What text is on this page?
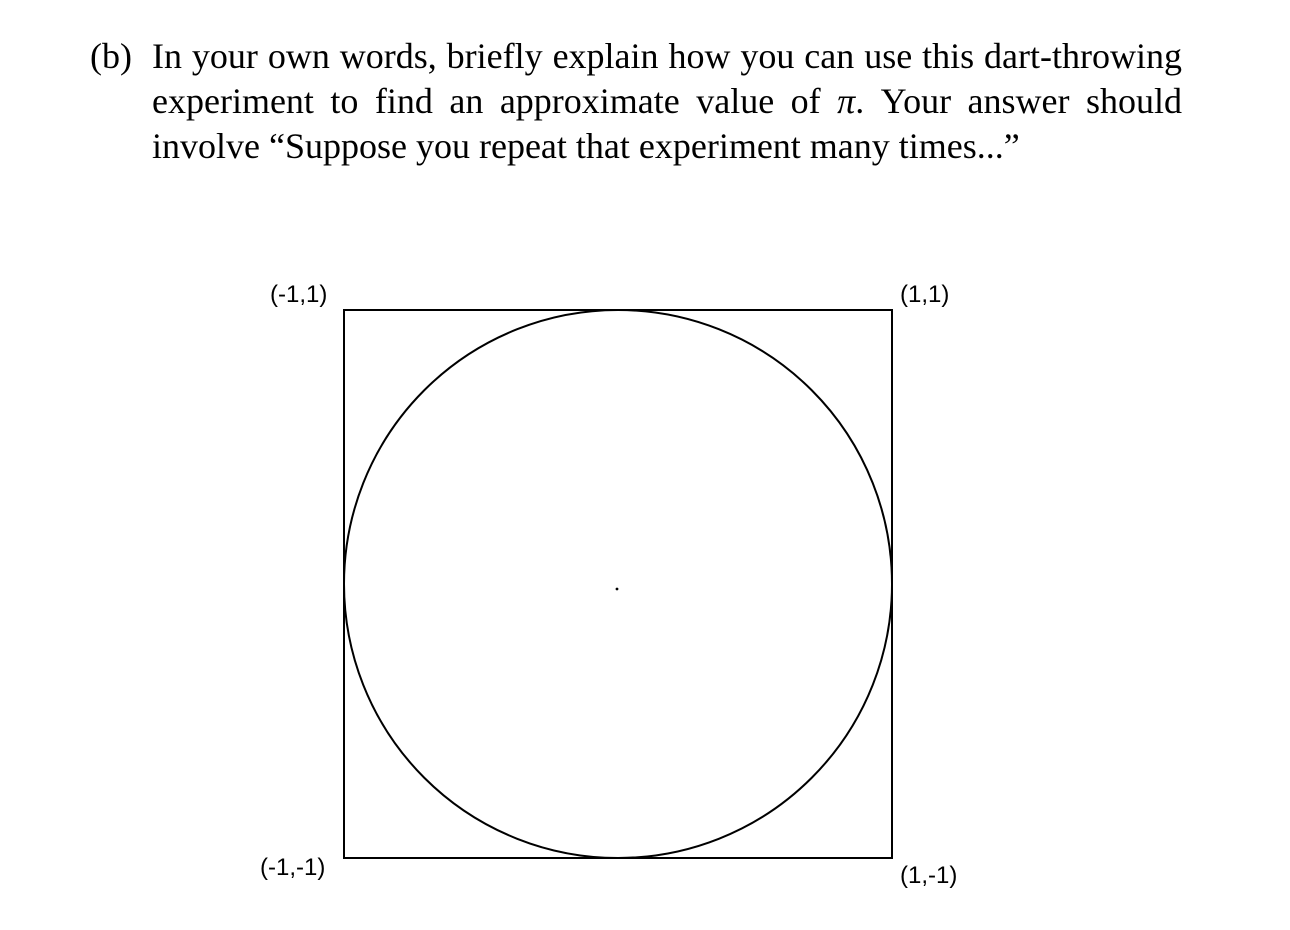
(b) In your own words, briefly explain how you can use this dart-throwing experiment to find an approximate value of π. Your answer should involve “Suppose you repeat that experiment many times...”
(-1,1)	(1,1)
(-1,-1)	(1,-1)
